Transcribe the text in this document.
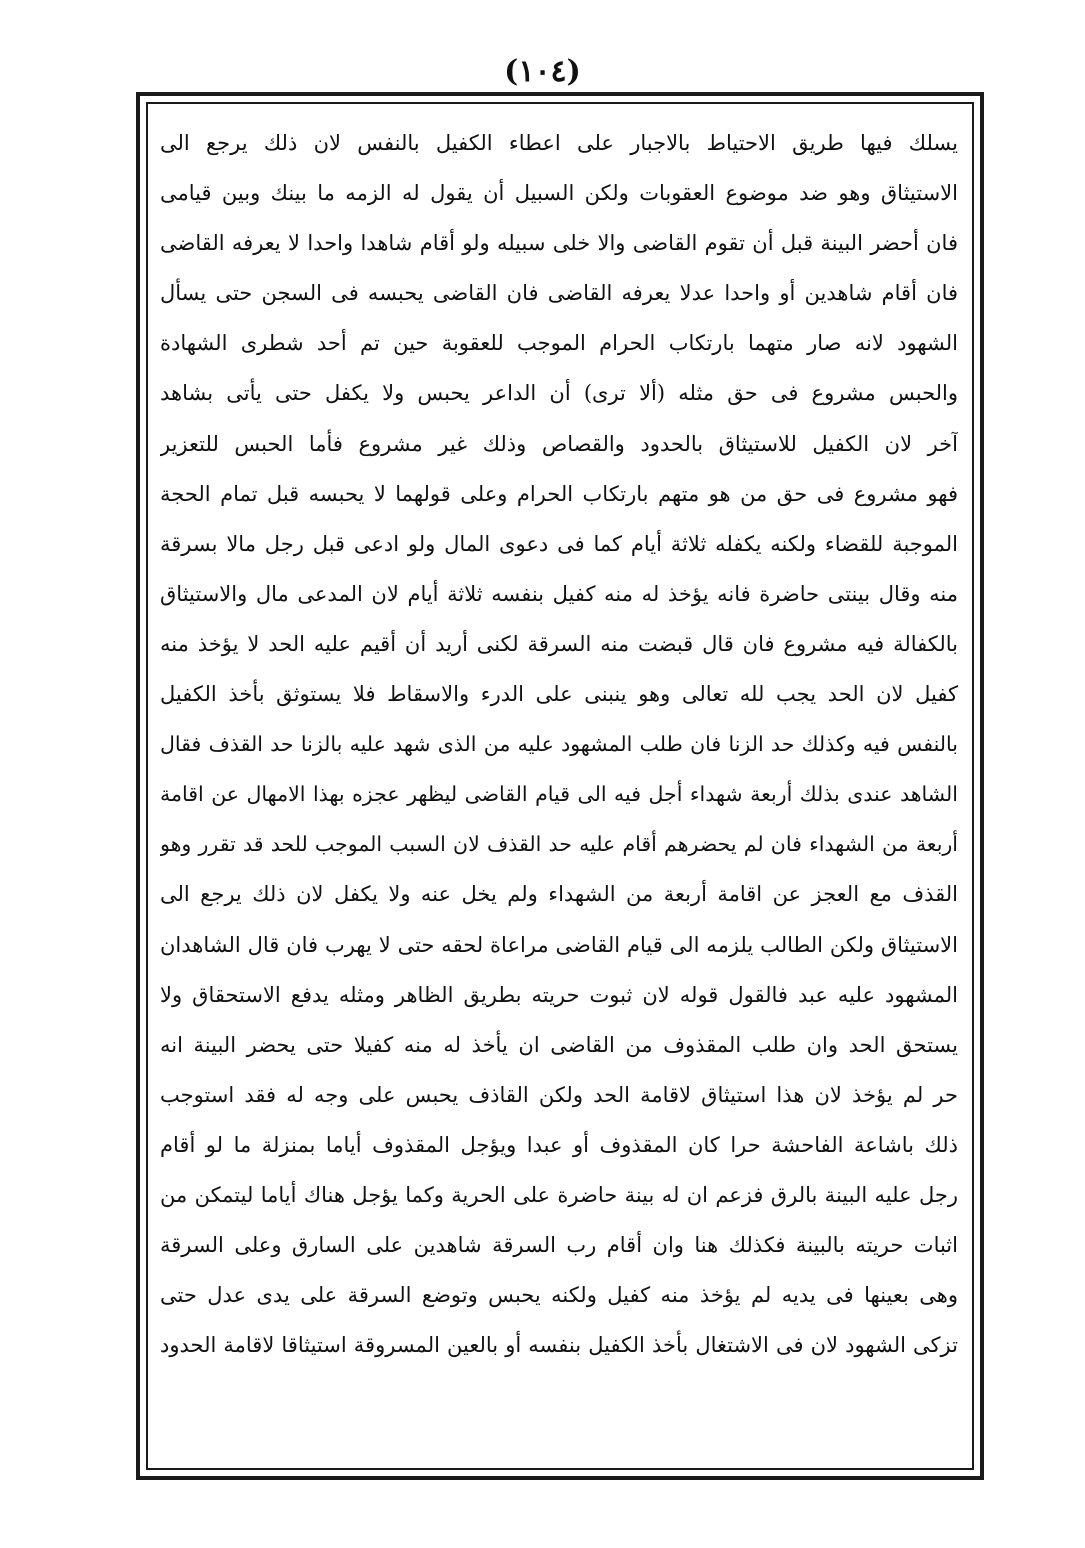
(١٠٤)
يسلك فيها طريق الاحتياط بالاجبار على اعطاء الكفيل بالنفس لان ذلك يرجع الى
الاستيثاق وهو ضد موضوع العقوبات ولكن السبيل أن يقول له الزمه ما بينك وبين قيامى
فان أحضر البينة قبل أن تقوم القاضى والا خلى سبيله ولو أقام شاهدا واحدا لا يعرفه القاضى
فان أقام شاهدين أو واحدا عدلا يعرفه القاضى فان القاضى يحبسه فى السجن حتى يسأل
الشهود لانه صار متهما بارتكاب الحرام الموجب للعقوبة حين تم أحد شطرى الشهادة
والحبس مشروع فى حق مثله (ألا ترى) أن الداعر يحبس ولا يكفل حتى يأتى بشاهد
آخر لان الكفيل للاستيثاق بالحدود والقصاص وذلك غير مشروع فأما الحبس للتعزير
فهو مشروع فى حق من هو متهم بارتكاب الحرام وعلى قولهما لا يحبسه قبل تمام الحجة
الموجبة للقضاء ولكنه يكفله ثلاثة أيام كما فى دعوى المال ولو ادعى قبل رجل مالا بسرقة
منه وقال بينتى حاضرة فانه يؤخذ له منه كفيل بنفسه ثلاثة أيام لان المدعى مال والاستيثاق
بالكفالة فيه مشروع فان قال قبضت منه السرقة لكنى أريد أن أقيم عليه الحد لا يؤخذ منه
كفيل لان الحد يجب لله تعالى وهو ينبنى على الدرء والاسقاط فلا يستوثق بأخذ الكفيل
بالنفس فيه وكذلك حد الزنا فان طلب المشهود عليه من الذى شهد عليه بالزنا حد القذف فقال
الشاهد عندى بذلك أربعة شهداء أجل فيه الى قيام القاضى ليظهر عجزه بهذا الامهال عن اقامة
أربعة من الشهداء فان لم يحضرهم أقام عليه حد القذف لان السبب الموجب للحد قد تقرر وهو
القذف مع العجز عن اقامة أربعة من الشهداء ولم يخل عنه ولا يكفل لان ذلك يرجع الى
الاستيثاق ولكن الطالب يلزمه الى قيام القاضى مراعاة لحقه حتى لا يهرب فان قال الشاهدان
المشهود عليه عبد فالقول قوله لان ثبوت حريته بطريق الظاهر ومثله يدفع الاستحقاق ولا
يستحق الحد وان طلب المقذوف من القاضى ان يأخذ له منه كفيلا حتى يحضر البينة انه
حر لم يؤخذ لان هذا استيثاق لاقامة الحد ولكن القاذف يحبس على وجه له فقد استوجب
ذلك باشاعة الفاحشة حرا كان المقذوف أو عبدا ويؤجل المقذوف أياما بمنزلة ما لو أقام
رجل عليه البينة بالرق فزعم ان له بينة حاضرة على الحرية وكما يؤجل هناك أياما ليتمكن من
اثبات حريته بالبينة فكذلك هنا وان أقام رب السرقة شاهدين على السارق وعلى السرقة
وهى بعينها فى يديه لم يؤخذ منه كفيل ولكنه يحبس وتوضع السرقة على يدى عدل حتى
تزكى الشهود لان فى الاشتغال بأخذ الكفيل بنفسه أو بالعين المسروقة استيثاقا لاقامة الحدود
